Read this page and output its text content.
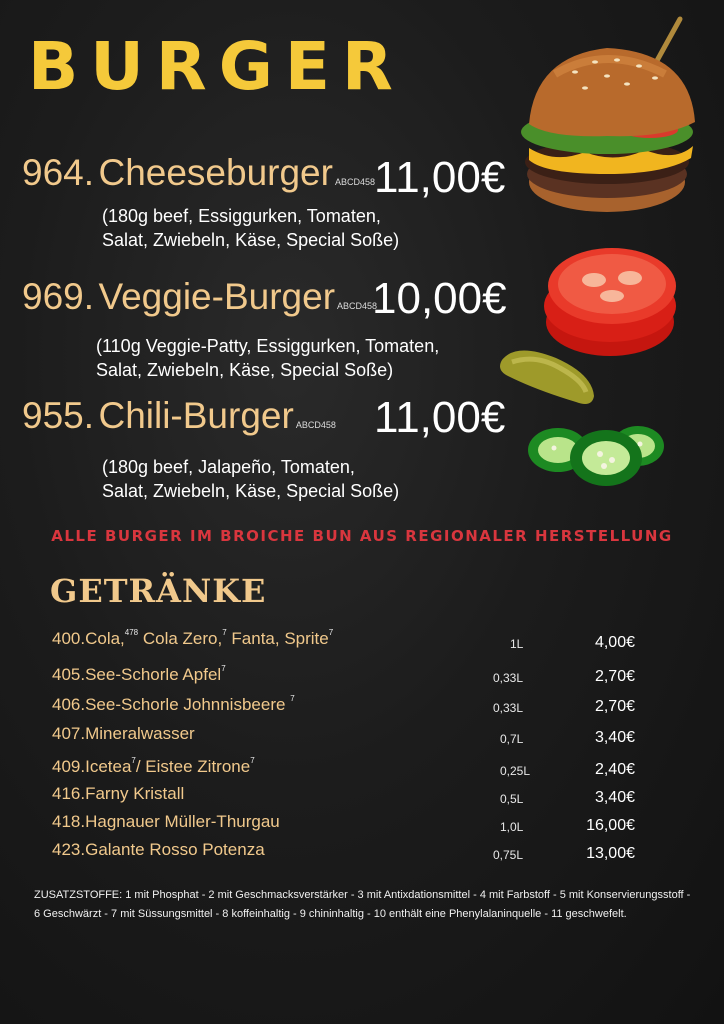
BURGER
964. Cheeseburger ABCD458 11,00€
(180g beef, Essiggurken, Tomaten,
Salat, Zwiebeln, Käse, Special Soße)
969. Veggie-Burger ABCD458
10,00€
(110g Veggie-Patty, Essiggurken, Tomaten,
Salat, Zwiebeln, Käse, Special Soße)
955. Chili-Burger ABCD458 11,00€
(180g beef, Jalapeño, Tomaten,
Salat, Zwiebeln, Käse, Special Soße)
ALLE BURGER IM BROICHE BUN AUS REGIONALER HERSTELLUNG
GETRÄNKE
400.Cola,$^{478}$ Cola Zero,$^7$ Fanta, Sprite$^7$
1L	4,00€
405.See-Schorle Apfel$^7$
0,33L	2,70€
406.See-Schorle Johnnisbeere $^7$
0,33L	2,70€
407.Mineralwasser	0,7L	3,40€
409.Icetea$^7$/ Eistee Zitrone$^7$
0,25L	2,40€
416.Farny Kristall	0,5L	3,40€
418.Hagnauer Müller-Thurgau	1,0L	16,00€
423.Galante Rosso Potenza	0,75L	13,00€
ZUSATZSTOFFE: 1 mit Phosphat - 2 mit Geschmacksverstärker - 3 mit Antixdationsmittel - 4 mit Farbstoff - 5 mit Konservierungsstoff - 6 Geschwärzt - 7 mit Süssungsmittel - 8 koffeinhaltig - 9 chininhaltig - 10 enthält eine Phenylalaninquelle - 11 geschwefelt.
